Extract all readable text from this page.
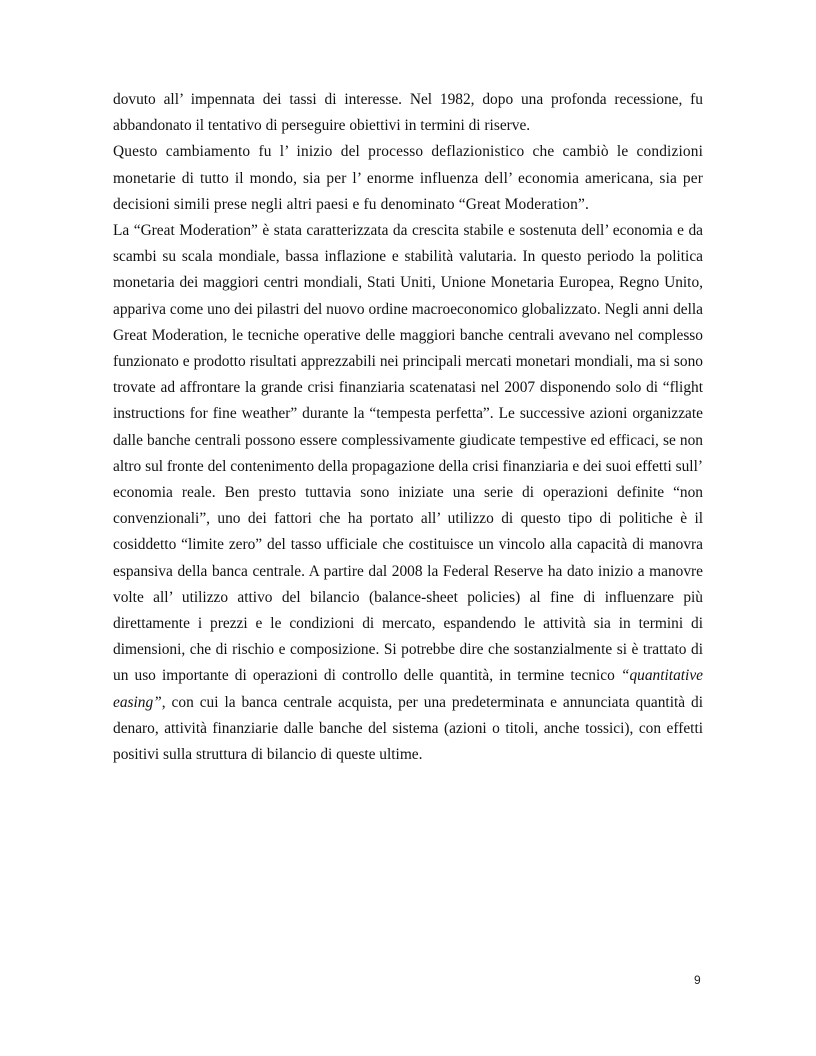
dovuto all’ impennata dei tassi di interesse. Nel 1982, dopo una profonda recessione, fu abbandonato il tentativo di perseguire obiettivi in termini di riserve.

Questo cambiamento fu l’ inizio del processo deflazionistico che cambiò le condizioni monetarie di tutto il mondo, sia per l’ enorme influenza dell’ economia americana, sia per decisioni simili prese negli altri paesi e fu denominato “Great Moderation”.

La “Great Moderation” è stata caratterizzata da crescita stabile e sostenuta dell’ economia e da scambi su scala mondiale, bassa inflazione e stabilità valutaria. In questo periodo la politica monetaria dei maggiori centri mondiali, Stati Uniti, Unione Monetaria Europea, Regno Unito, appariva come uno dei pilastri del nuovo ordine macroeconomico globalizzato. Negli anni della Great Moderation, le tecniche operative delle maggiori banche centrali avevano nel complesso funzionato e prodotto risultati apprezzabili nei principali mercati monetari mondiali, ma si sono trovate ad affrontare la grande crisi finanziaria scatenatasi nel 2007 disponendo solo di “flight instructions for fine weather” durante la “tempesta perfetta”. Le successive azioni organizzate dalle banche centrali possono essere complessivamente giudicate tempestive ed efficaci, se non altro sul fronte del contenimento della propagazione della crisi finanziaria e dei suoi effetti sull’ economia reale. Ben presto tuttavia sono iniziate una serie di operazioni definite “non convenzionali”, uno dei fattori che ha portato all’ utilizzo di questo tipo di politiche è il cosiddetto “limite zero” del tasso ufficiale che costituisce un vincolo alla capacità di manovra espansiva della banca centrale. A partire dal 2008 la Federal Reserve ha dato inizio a manovre volte all’ utilizzo attivo del bilancio (balance-sheet policies) al fine di influenzare più direttamente i prezzi e le condizioni di mercato, espandendo le attività sia in termini di dimensioni, che di rischio e composizione. Si potrebbe dire che sostanzialmente si è trattato di un uso importante di operazioni di controllo delle quantità, in termine tecnico “quantitative easing”, con cui la banca centrale acquista, per una predeterminata e annunciata quantità di denaro, attività finanziarie dalle banche del sistema (azioni o titoli, anche tossici), con effetti positivi sulla struttura di bilancio di queste ultime.

9
